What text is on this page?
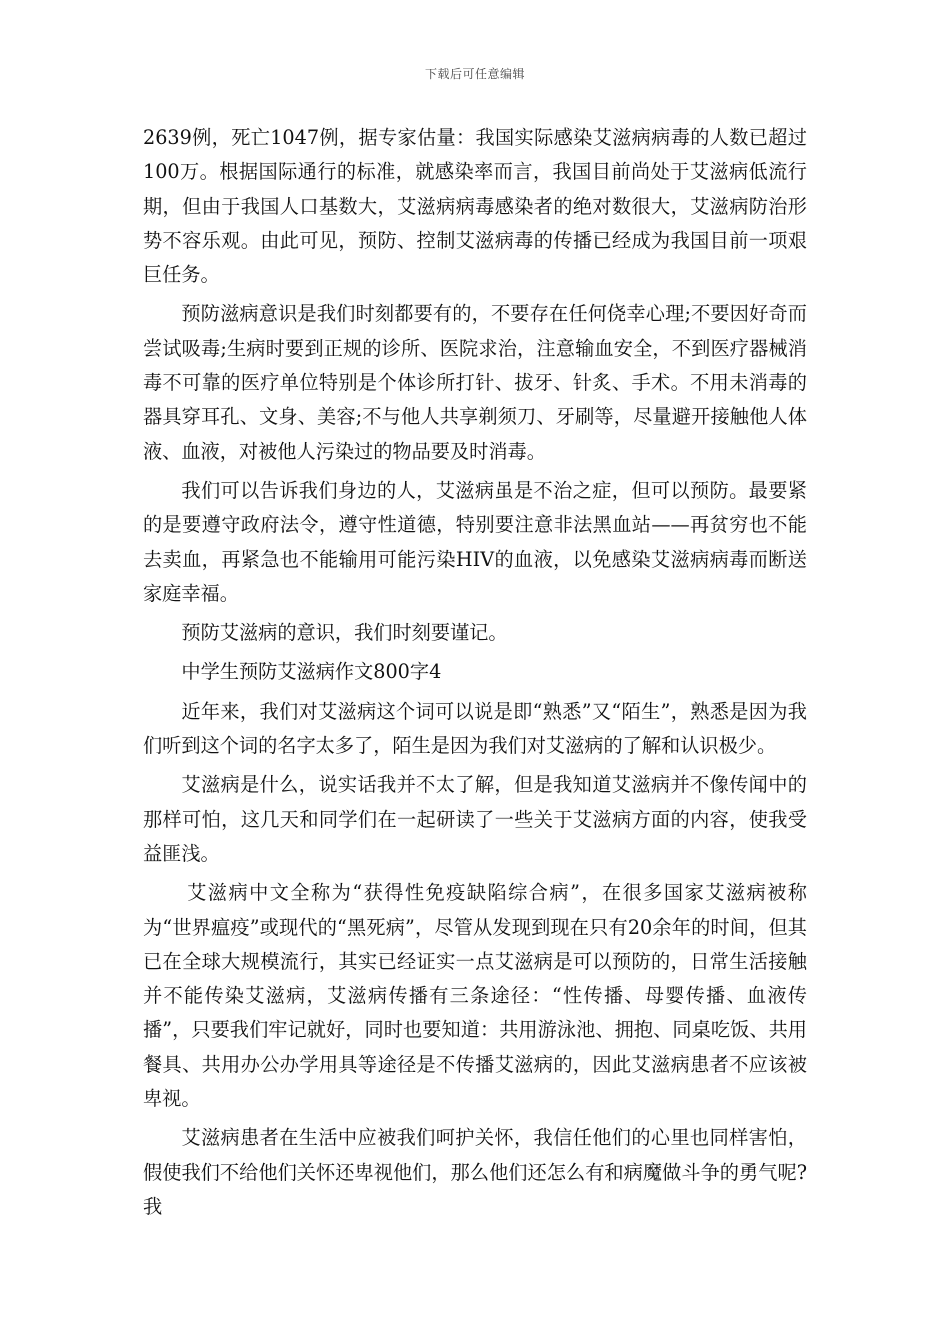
下载后可任意编辑

2639例，死亡1047例，据专家估量：我国实际感染艾滋病病毒的人数已超过100万。根据国际通行的标准，就感染率而言，我国目前尚处于艾滋病低流行期，但由于我国人口基数大，艾滋病病毒感染者的绝对数很大，艾滋病防治形势不容乐观。由此可见，预防、控制艾滋病毒的传播已经成为我国目前一项艰巨任务。

预防滋病意识是我们时刻都要有的，不要存在任何侥幸心理;不要因好奇而尝试吸毒;生病时要到正规的诊所、医院求治，注意输血安全，不到医疗器械消毒不可靠的医疗单位特别是个体诊所打针、拔牙、针炙、手术。不用未消毒的器具穿耳孔、文身、美容;不与他人共享剃须刀、牙刷等，尽量避开接触他人体液、血液，对被他人污染过的物品要及时消毒。

我们可以告诉我们身边的人，艾滋病虽是不治之症，但可以预防。最要紧的是要遵守政府法令，遵守性道德，特别要注意非法黑血站——再贫穷也不能去卖血，再紧急也不能输用可能污染HIV的血液，以免感染艾滋病病毒而断送家庭幸福。

预防艾滋病的意识，我们时刻要谨记。

中学生预防艾滋病作文800字4

近年来，我们对艾滋病这个词可以说是即“熟悉”又“陌生”，熟悉是因为我们听到这个词的名字太多了，陌生是因为我们对艾滋病的了解和认识极少。

艾滋病是什么，说实话我并不太了解，但是我知道艾滋病并不像传闻中的那样可怕，这几天和同学们在一起研读了一些关于艾滋病方面的内容，使我受益匪浅。

艾滋病中文全称为“获得性免疫缺陷综合病”，在很多国家艾滋病被称为“世界瘟疫”或现代的“黑死病”，尽管从发现到现在只有20余年的时间，但其已在全球大规模流行，其实已经证实一点艾滋病是可以预防的，日常生活接触并不能传染艾滋病，艾滋病传播有三条途径：“性传播、母婴传播、血液传播”，只要我们牢记就好，同时也要知道：共用游泳池、拥抱、同桌吃饭、共用餐具、共用办公办学用具等途径是不传播艾滋病的，因此艾滋病患者不应该被卑视。

艾滋病患者在生活中应被我们呵护关怀，我信任他们的心里也同样害怕，假使我们不给他们关怀还卑视他们，那么他们还怎么有和病魔做斗争的勇气呢?我
